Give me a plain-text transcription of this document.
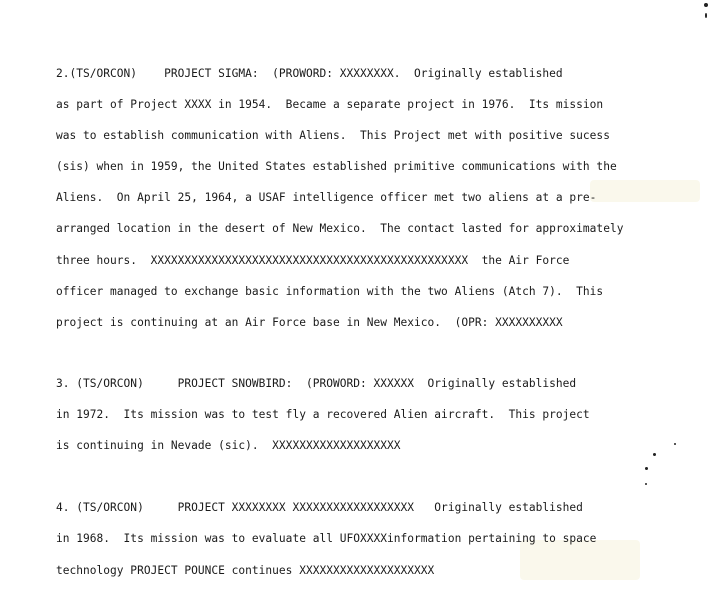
2.(TS/ORCON)    PROJECT SIGMA:  (PROWORD: XXXXXXXX.  Originally established
as part of Project XXXX in 1954.  Became a separate project in 1976.  Its mission
was to establish communication with Aliens.  This Project met with positive sucess
(sis) when in 1959, the United States established primitive communications with the
Aliens.  On April 25, 1964, a USAF intelligence officer met two aliens at a pre-
arranged location in the desert of New Mexico.  The contact lasted for approximately
three hours.  XXXXXXXXXXXXXXXXXXXXXXXXXXXXXXXXXXXXXXXXXXXXXXX  the Air Force
officer managed to exchange basic information with the two Aliens (Atch 7).  This
project is continuing at an Air Force base in New Mexico.  (OPR: XXXXXXXXXX
3. (TS/ORCON)     PROJECT SNOWBIRD:  (PROWORD: XXXXXX  Originally established
in 1972.  Its mission was to test fly a recovered Alien aircraft.  This project
is continuing in Nevade (sic).  XXXXXXXXXXXXXXXXXXX
4. (TS/ORCON)     PROJECT XXXXXXXX XXXXXXXXXXXXXXXXXX   Originally established
in 1968.  Its mission was to evaluate all UFOXXXXinformation pertaining to space
technology PROJECT POUNCE continues XXXXXXXXXXXXXXXXXXXX
